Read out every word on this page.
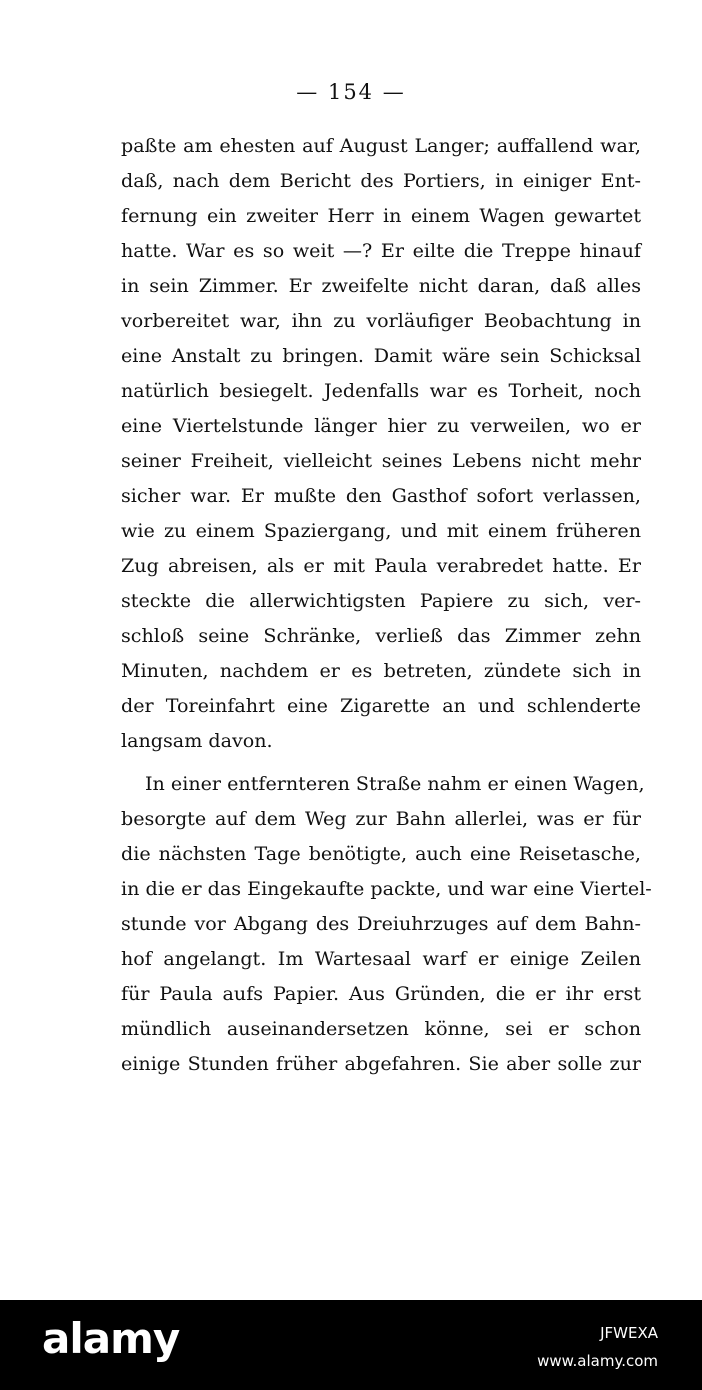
— 154 —
paßte am ehesten auf August Langer; auffallend war,
daß, nach dem Bericht des Portiers, in einiger Ent-
fernung ein zweiter Herr in einem Wagen gewartet
hatte. War es so weit —? Er eilte die Treppe hinauf
in sein Zimmer. Er zweifelte nicht daran, daß alles
vorbereitet war, ihn zu vorläufiger Beobachtung in
eine Anstalt zu bringen. Damit wäre sein Schicksal
natürlich besiegelt. Jedenfalls war es Torheit, noch
eine Viertelstunde länger hier zu verweilen, wo er
seiner Freiheit, vielleicht seines Lebens nicht mehr
sicher war. Er mußte den Gasthof sofort verlassen,
wie zu einem Spaziergang, und mit einem früheren
Zug abreisen, als er mit Paula verabredet hatte. Er
steckte die allerwichtigsten Papiere zu sich, ver-
schloß seine Schränke, verließ das Zimmer zehn
Minuten, nachdem er es betreten, zündete sich in
der Toreinfahrt eine Zigarette an und schlenderte
langsam davon.
In einer entfernteren Straße nahm er einen Wagen,
besorgte auf dem Weg zur Bahn allerlei, was er für
die nächsten Tage benötigte, auch eine Reisetasche,
in die er das Eingekaufte packte, und war eine Viertel-
stunde vor Abgang des Dreiuhrzuges auf dem Bahn-
hof angelangt. Im Wartesaal warf er einige Zeilen
für Paula aufs Papier. Aus Gründen, die er ihr erst
mündlich auseinandersetzen könne, sei er schon
einige Stunden früher abgefahren. Sie aber solle zur
alamy	JFWEXA
www.alamy.com
